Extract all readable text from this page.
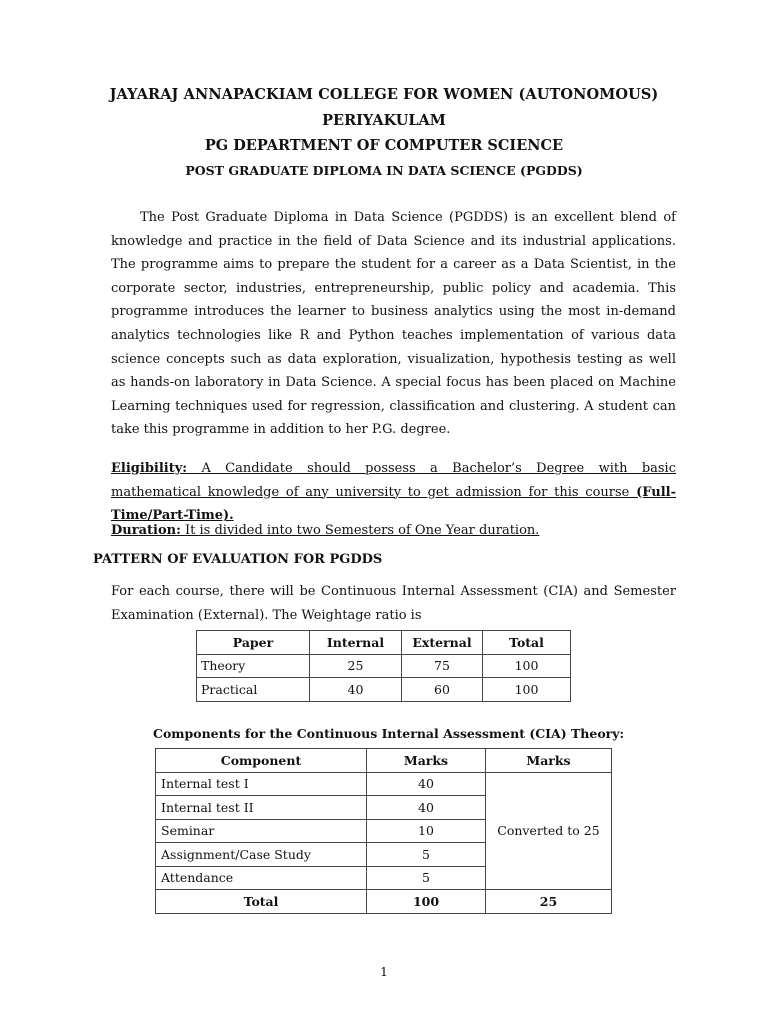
JAYARAJ ANNAPACKIAM COLLEGE FOR WOMEN (AUTONOMOUS)
PERIYAKULAM
PG DEPARTMENT OF COMPUTER SCIENCE
POST GRADUATE DIPLOMA IN DATA SCIENCE (PGDDS)
The Post Graduate Diploma in Data Science (PGDDS) is an excellent blend of knowledge and practice in the field of Data Science and its industrial applications. The programme aims to prepare the student for a career as a Data Scientist, in the corporate sector, industries, entrepreneurship, public policy and academia. This programme introduces the learner to business analytics using the most in-demand analytics technologies like R and Python teaches implementation of various data science concepts such as data exploration, visualization, hypothesis testing as well as hands-on laboratory in Data Science. A special focus has been placed on Machine Learning techniques used for regression, classification and clustering. A student can take this programme in addition to her P.G. degree.
Eligibility: A Candidate should possess a Bachelor’s Degree with basic mathematical knowledge of any university to get admission for this course (Full-Time/Part-Time).
Duration: It is divided into two Semesters of One Year duration.
PATTERN OF EVALUATION FOR PGDDS
For each course, there will be Continuous Internal Assessment (CIA) and Semester Examination (External). The Weightage ratio is
Paper	Internal	External	Total
Theory	25	75	100
Practical	40	60	100
Components for the Continuous Internal Assessment (CIA) Theory:
Component	Marks	Marks
Internal test I	40	Converted to 25
Internal test II	40	
Seminar	10	
Assignment/Case Study	5	
Attendance	5	
Total	100	25
1
